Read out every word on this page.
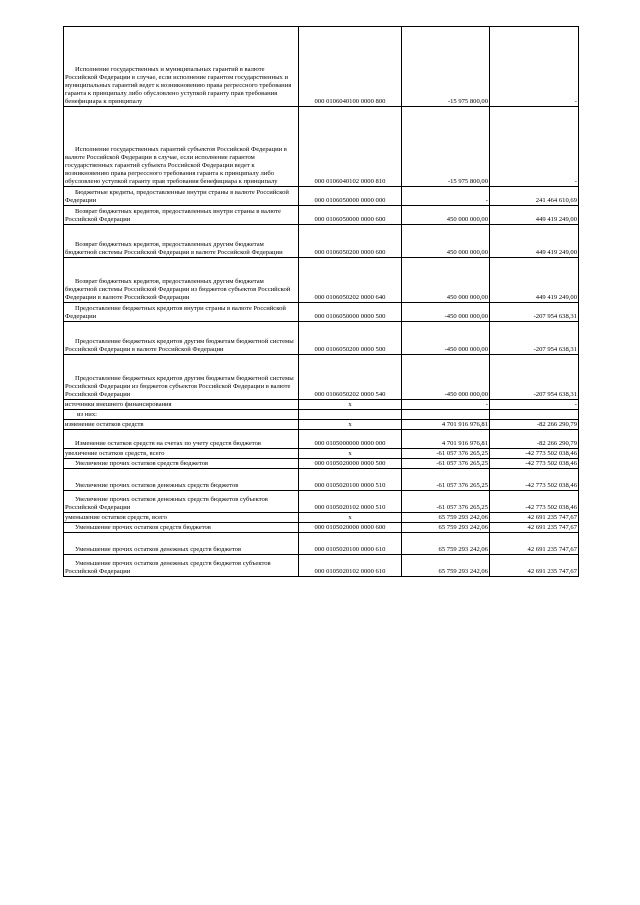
Исполнение государственных и муниципальных гарантий в валюте Российской Федерации в случае, если исполнение гарантом государственных и муниципальных гарантий ведет к возникновению права регрессного требования гаранта к принципалу либо обусловлено уступкой гаранту прав требования бенефициара к принципалу	000 0106040100 0000 800	-15 975 800,00	-

Исполнение государственных гарантий субъектов Российской Федерации в валюте Российской Федерации в случае, если исполнение гарантом государственных гарантий субъекта Российской Федерации ведет к возникновению права регрессного требования гаранта к принципалу либо обусловлено уступкой гаранту прав требования бенефициара к принципалу	000 0106040102 0000 810	-15 975 800,00	-

Бюджетные кредиты, предоставленные внутри страны в валюте Российской Федерации	000 0106050000 0000 000	-	241 464 610,69

Возврат бюджетных кредитов, предоставленных внутри страны в валюте Российской Федерации	000 0106050000 0000 600	450 000 000,00	449 419 249,00

Возврат бюджетных кредитов, предоставленных другим бюджетам бюджетной системы Российской Федерации в валюте Российской Федерации	000 0106050200 0000 600	450 000 000,00	449 419 249,00

Возврат бюджетных кредитов, предоставленных другим бюджетам бюджетной системы Российской Федерации из бюджетов субъектов Российской Федерации в валюте Российской Федерации	000 0106050202 0000 640	450 000 000,00	449 419 249,00

Предоставление бюджетных кредитов внутри страны в валюте Российской Федерации	000 0106050000 0000 500	-450 000 000,00	-207 954 638,31

Предоставление бюджетных кредитов другим бюджетам бюджетной системы Российской Федерации в валюте Российской Федерации	000 0106050200 0000 500	-450 000 000,00	-207 954 638,31

Предоставление бюджетных кредитов другим бюджетам бюджетной системы Российской Федерации из бюджетов субъектов Российской Федерации в валюте Российской Федерации	000 0106050202 0000 540	-450 000 000,00	-207 954 638,31

источники внешнего финансирования	x	-	-

из них:			

изменение остатков средств	x	4 701 916 976,81	-82 266 290,79

Изменение остатков средств на счетах по учету средств бюджетов	000 0105000000 0000 000	4 701 916 976,81	-82 266 290,79

увеличение остатков средств, всего	x	-61 057 376 265,25	-42 773 502 038,46

Увеличение прочих остатков средств бюджетов	000 0105020000 0000 500	-61 057 376 265,25	-42 773 502 038,46

Увеличение прочих остатков денежных средств бюджетов	000 0105020100 0000 510	-61 057 376 265,25	-42 773 502 038,46

Увеличение прочих остатков денежных средств бюджетов субъектов Российской Федерации	000 0105020102 0000 510	-61 057 376 265,25	-42 773 502 038,46

уменьшение остатков средств, всего	x	65 759 293 242,06	42 691 235 747,67

Уменьшение прочих остатков средств бюджетов	000 0105020000 0000 600	65 759 293 242,06	42 691 235 747,67

Уменьшение прочих остатков денежных средств бюджетов	000 0105020100 0000 610	65 759 293 242,06	42 691 235 747,67

Уменьшение прочих остатков денежных средств бюджетов субъектов Российской Федерации	000 0105020102 0000 610	65 759 293 242,06	42 691 235 747,67
